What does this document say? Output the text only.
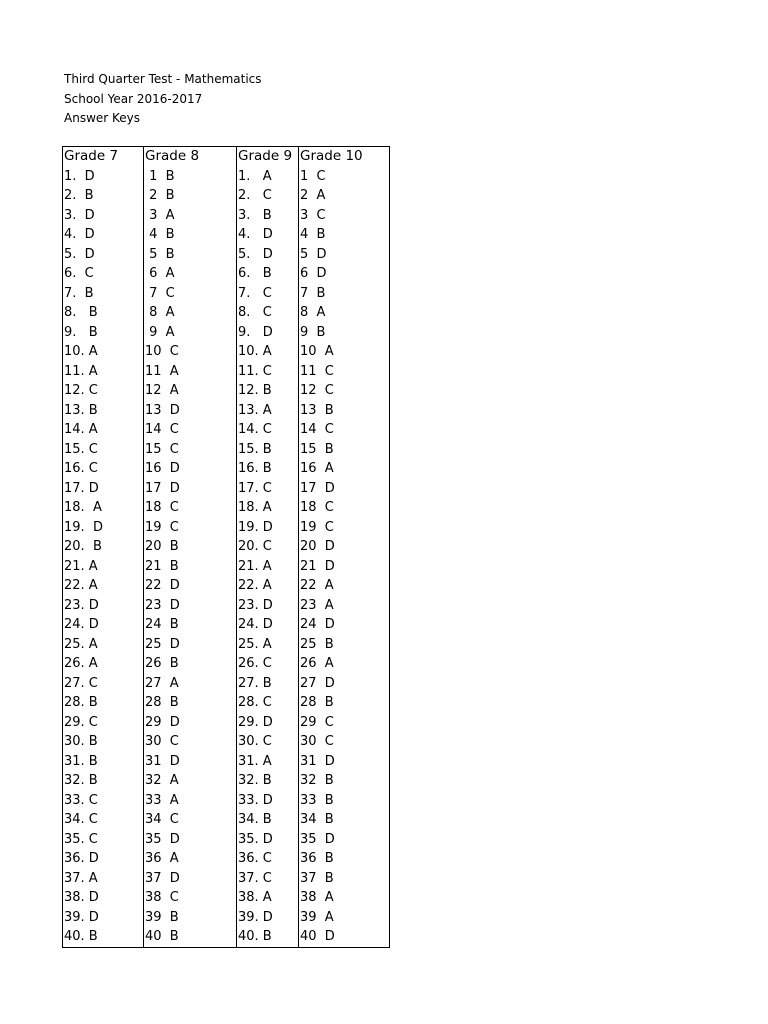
Third Quarter Test - Mathematics
School Year 2016-2017
Answer Keys
Grade 7	Grade 8	Grade 9	Grade 10
1.  D	1  B	1.   A	1  C
2.  B	2  B	2.   C	2  A
3.  D	3  A	3.   B	3  C
4.  D	4  B	4.   D	4  B
5.  D	5  B	5.   D	5  D
6.  C	6  A	6.   B	6  D
7.  B	7  C	7.   C	7  B
8.   B	8  A	8.   C	8  A
9.   B	9  A	9.   D	9  B
10. A	10  C	10. A	10  A
11. A	11  A	11. C	11  C
12. C	12  A	12. B	12  C
13. B	13  D	13. A	13  B
14. A	14  C	14. C	14  C
15. C	15  C	15. B	15  B
16. C	16  D	16. B	16  A
17. D	17  D	17. C	17  D
18.  A	18  C	18. A	18  C
19.  D	19  C	19. D	19  C
20.  B	20  B	20. C	20  D
21. A	21  B	21. A	21  D
22. A	22  D	22. A	22  A
23. D	23  D	23. D	23  A
24. D	24  B	24. D	24  D
25. A	25  D	25. A	25  B
26. A	26  B	26. C	26  A
27. C	27  A	27. B	27  D
28. B	28  B	28. C	28  B
29. C	29  D	29. D	29  C
30. B	30  C	30. C	30  C
31. B	31  D	31. A	31  D
32. B	32  A	32. B	32  B
33. C	33  A	33. D	33  B
34. C	34  C	34. B	34  B
35. C	35  D	35. D	35  D
36. D	36  A	36. C	36  B
37. A	37  D	37. C	37  B
38. D	38  C	38. A	38  A
39. D	39  B	39. D	39  A
40. B	40  B	40. B	40  D
